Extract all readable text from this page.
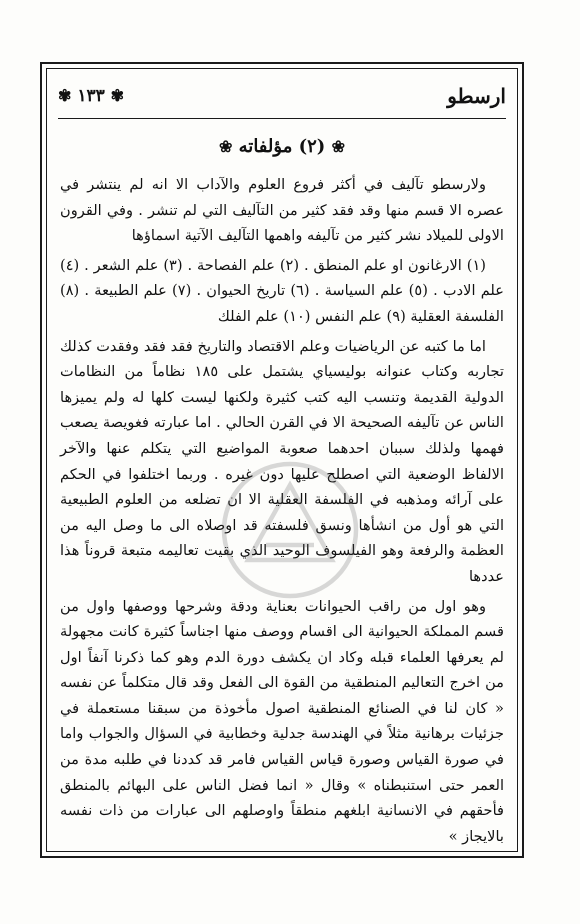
ارسطو
✾ ١٣٣ ✾
❀ (٢) مؤلفاته ❀

ولارسطو تآليف في أكثر فروع العلوم والآداب الا انه لم ينتشر في عصره الا قسم منها وقد فقد كثير من التآليف التي لم تنشر . وفي القرون الاولى للميلاد نشر كثير من تآليفه واهمها التآليف الآتية اسماؤها

(١) الارغانون او علم المنطق . (٢) علم الفصاحة . (٣) علم الشعر . (٤) علم الادب . (٥) علم السياسة . (٦) تاريخ الحيوان . (٧) علم الطبيعة . (٨) الفلسفة العقلية (٩) علم النفس (١٠) علم الفلك

اما ما كتبه عن الرياضيات وعلم الاقتصاد والتاريخ فقد فقد وفقدت كذلك تجاربه وكتاب عنوانه بوليسياي يشتمل على ١٨٥ نظاماً من النظامات الدولية القديمة وتنسب اليه كتب كثيرة ولكنها ليست كلها له ولم يميزها الناس عن تآليفه الصحيحة الا في القرن الحالي . اما عبارته فغويصة يصعب فهمها ولذلك سببان احدهما صعوبة المواضيع التي يتكلم عنها والآخر الالفاظ الوضعية التي اصطلح عليها دون غيره . وربما اختلفوا في الحكم على آرائه ومذهبه في الفلسفة العقلية الا ان تضلعه من العلوم الطبيعية التي هو أول من انشأها ونسق فلسفته قد اوصلاه الى ما وصل اليه من العظمة والرفعة وهو الفيلسوف الوحيد الذي بقيت تعاليمه متبعة قروناً هذا عددها

وهو اول من راقب الحيوانات بعناية ودقة وشرحها ووصفها واول من قسم المملكة الحيوانية الى اقسام ووصف منها اجناساً كثيرة كانت مجهولة لم يعرفها العلماء قبله وكاد ان يكشف دورة الدم وهو كما ذكرنا آنفاً اول من اخرج التعاليم المنطقية من القوة الى الفعل وقد قال متكلماً عن نفسه « كان لنا في الصنائع المنطقية اصول مأخوذة من سبقنا مستعملة في جزئيات برهانية مثلاً في الهندسة جدلية وخطابية في السؤال والجواب واما في صورة القياس وصورة قياس القياس فامر قد كددنا في طلبه مدة من العمر حتى استنبطناه » وقال « انما فضل الناس على البهائم بالمنطق فأحقهم في الانسانية ابلغهم منطقاً واوصلهم الى عبارات من ذات نفسه بالايجاز »
